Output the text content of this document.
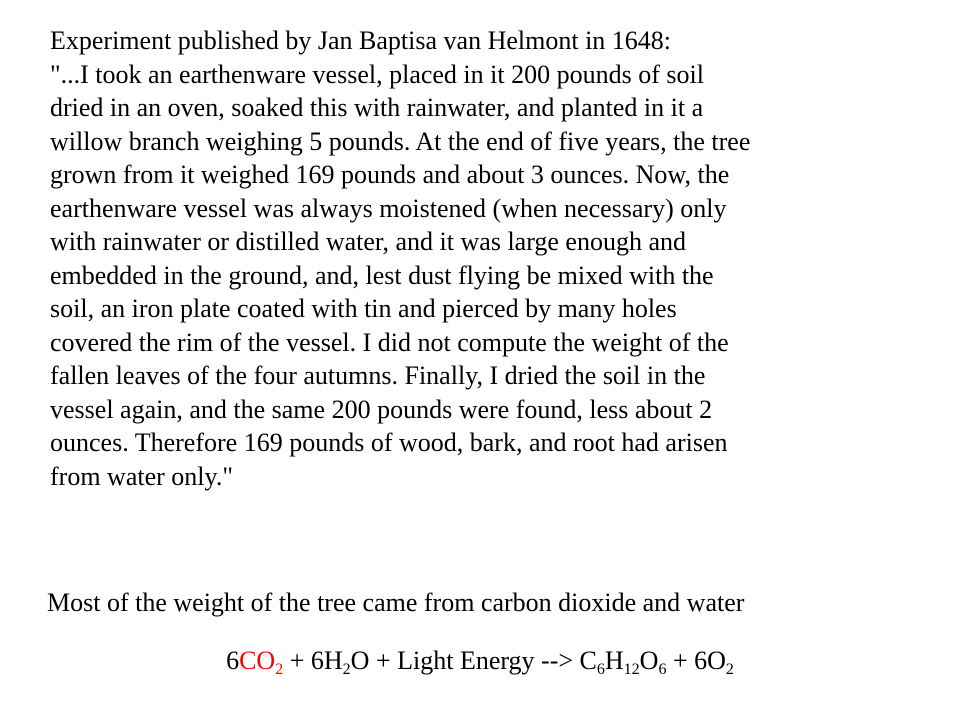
Experiment published by Jan Baptisa van Helmont in 1648:
"...I took an earthenware vessel, placed in it 200 pounds of soil
dried in an oven, soaked this with rainwater, and planted in it a
willow branch weighing 5 pounds. At the end of five years, the tree
grown from it weighed 169 pounds and about 3 ounces. Now, the
earthenware vessel was always moistened (when necessary) only
with rainwater or distilled water, and it was large enough and
embedded in the ground, and, lest dust flying be mixed with the
soil, an iron plate coated with tin and pierced by many holes
covered the rim of the vessel. I did not compute the weight of the
fallen leaves of the four autumns. Finally, I dried the soil in the
vessel again, and the same 200 pounds were found, less about 2
ounces. Therefore 169 pounds of wood, bark, and root had arisen
from water only."
Most of the weight of the tree came from carbon dioxide and water
$6CO_2 + 6H_2O$ + Light Energy --> $C_6H_{12}O_6 + 6O_2$
